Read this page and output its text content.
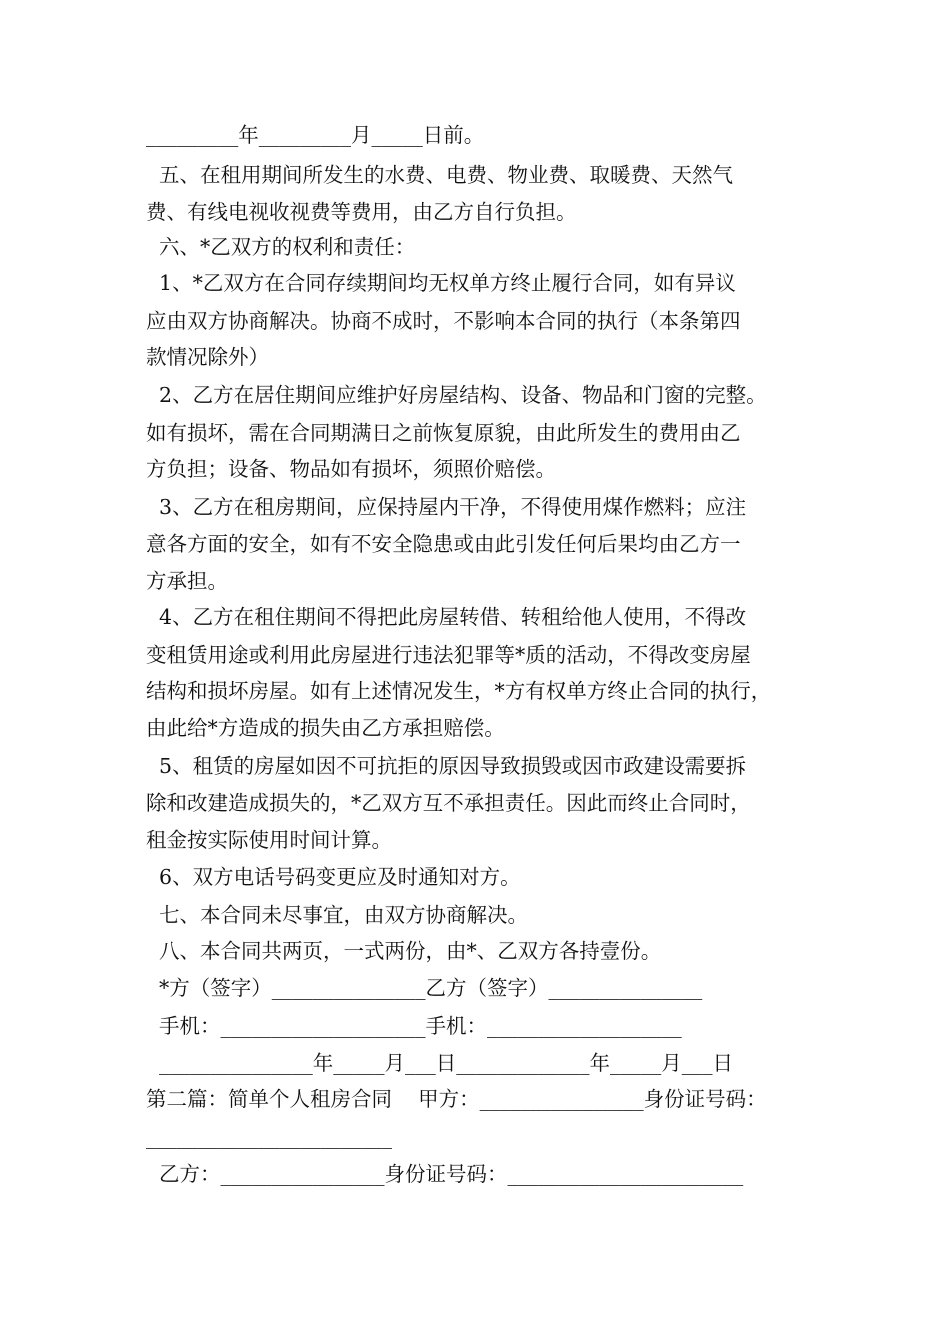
_________年_________月_____日前。
五、在租用期间所发生的水费、电费、物业费、取暖费、天然气
费、有线电视收视费等费用，由乙方自行负担。
六、*乙双方的权利和责任：
1、*乙双方在合同存续期间均无权单方终止履行合同，如有异议
应由双方协商解决。协商不成时，不影响本合同的执行（本条第四
款情况除外）
2、乙方在居住期间应维护好房屋结构、设备、物品和门窗的完整。
如有损坏，需在合同期满日之前恢复原貌，由此所发生的费用由乙
方负担；设备、物品如有损坏，须照价赔偿。
3、乙方在租房期间，应保持屋内干净，不得使用煤作燃料；应注
意各方面的安全，如有不安全隐患或由此引发任何后果均由乙方一
方承担。
4、乙方在租住期间不得把此房屋转借、转租给他人使用，不得改
变租赁用途或利用此房屋进行违法犯罪等*质的活动，不得改变房屋
结构和损坏房屋。如有上述情况发生，*方有权单方终止合同的执行，
由此给*方造成的损失由乙方承担赔偿。
5、租赁的房屋如因不可抗拒的原因导致损毁或因市政建设需要拆
除和改建造成损失的，*乙双方互不承担责任。因此而终止合同时，
租金按实际使用时间计算。
6、双方电话号码变更应及时通知对方。
七、本合同未尽事宜，由双方协商解决。
八、本合同共两页，一式两份，由*、乙双方各持壹份。
*方（签字）_______________乙方（签字）_______________
手机：____________________手机：___________________
_______________年_____月___日_____________年_____月___日
第二篇：简单个人租房合同    甲方：________________身份证号码：
________________________
乙方：________________身份证号码：_______________________
